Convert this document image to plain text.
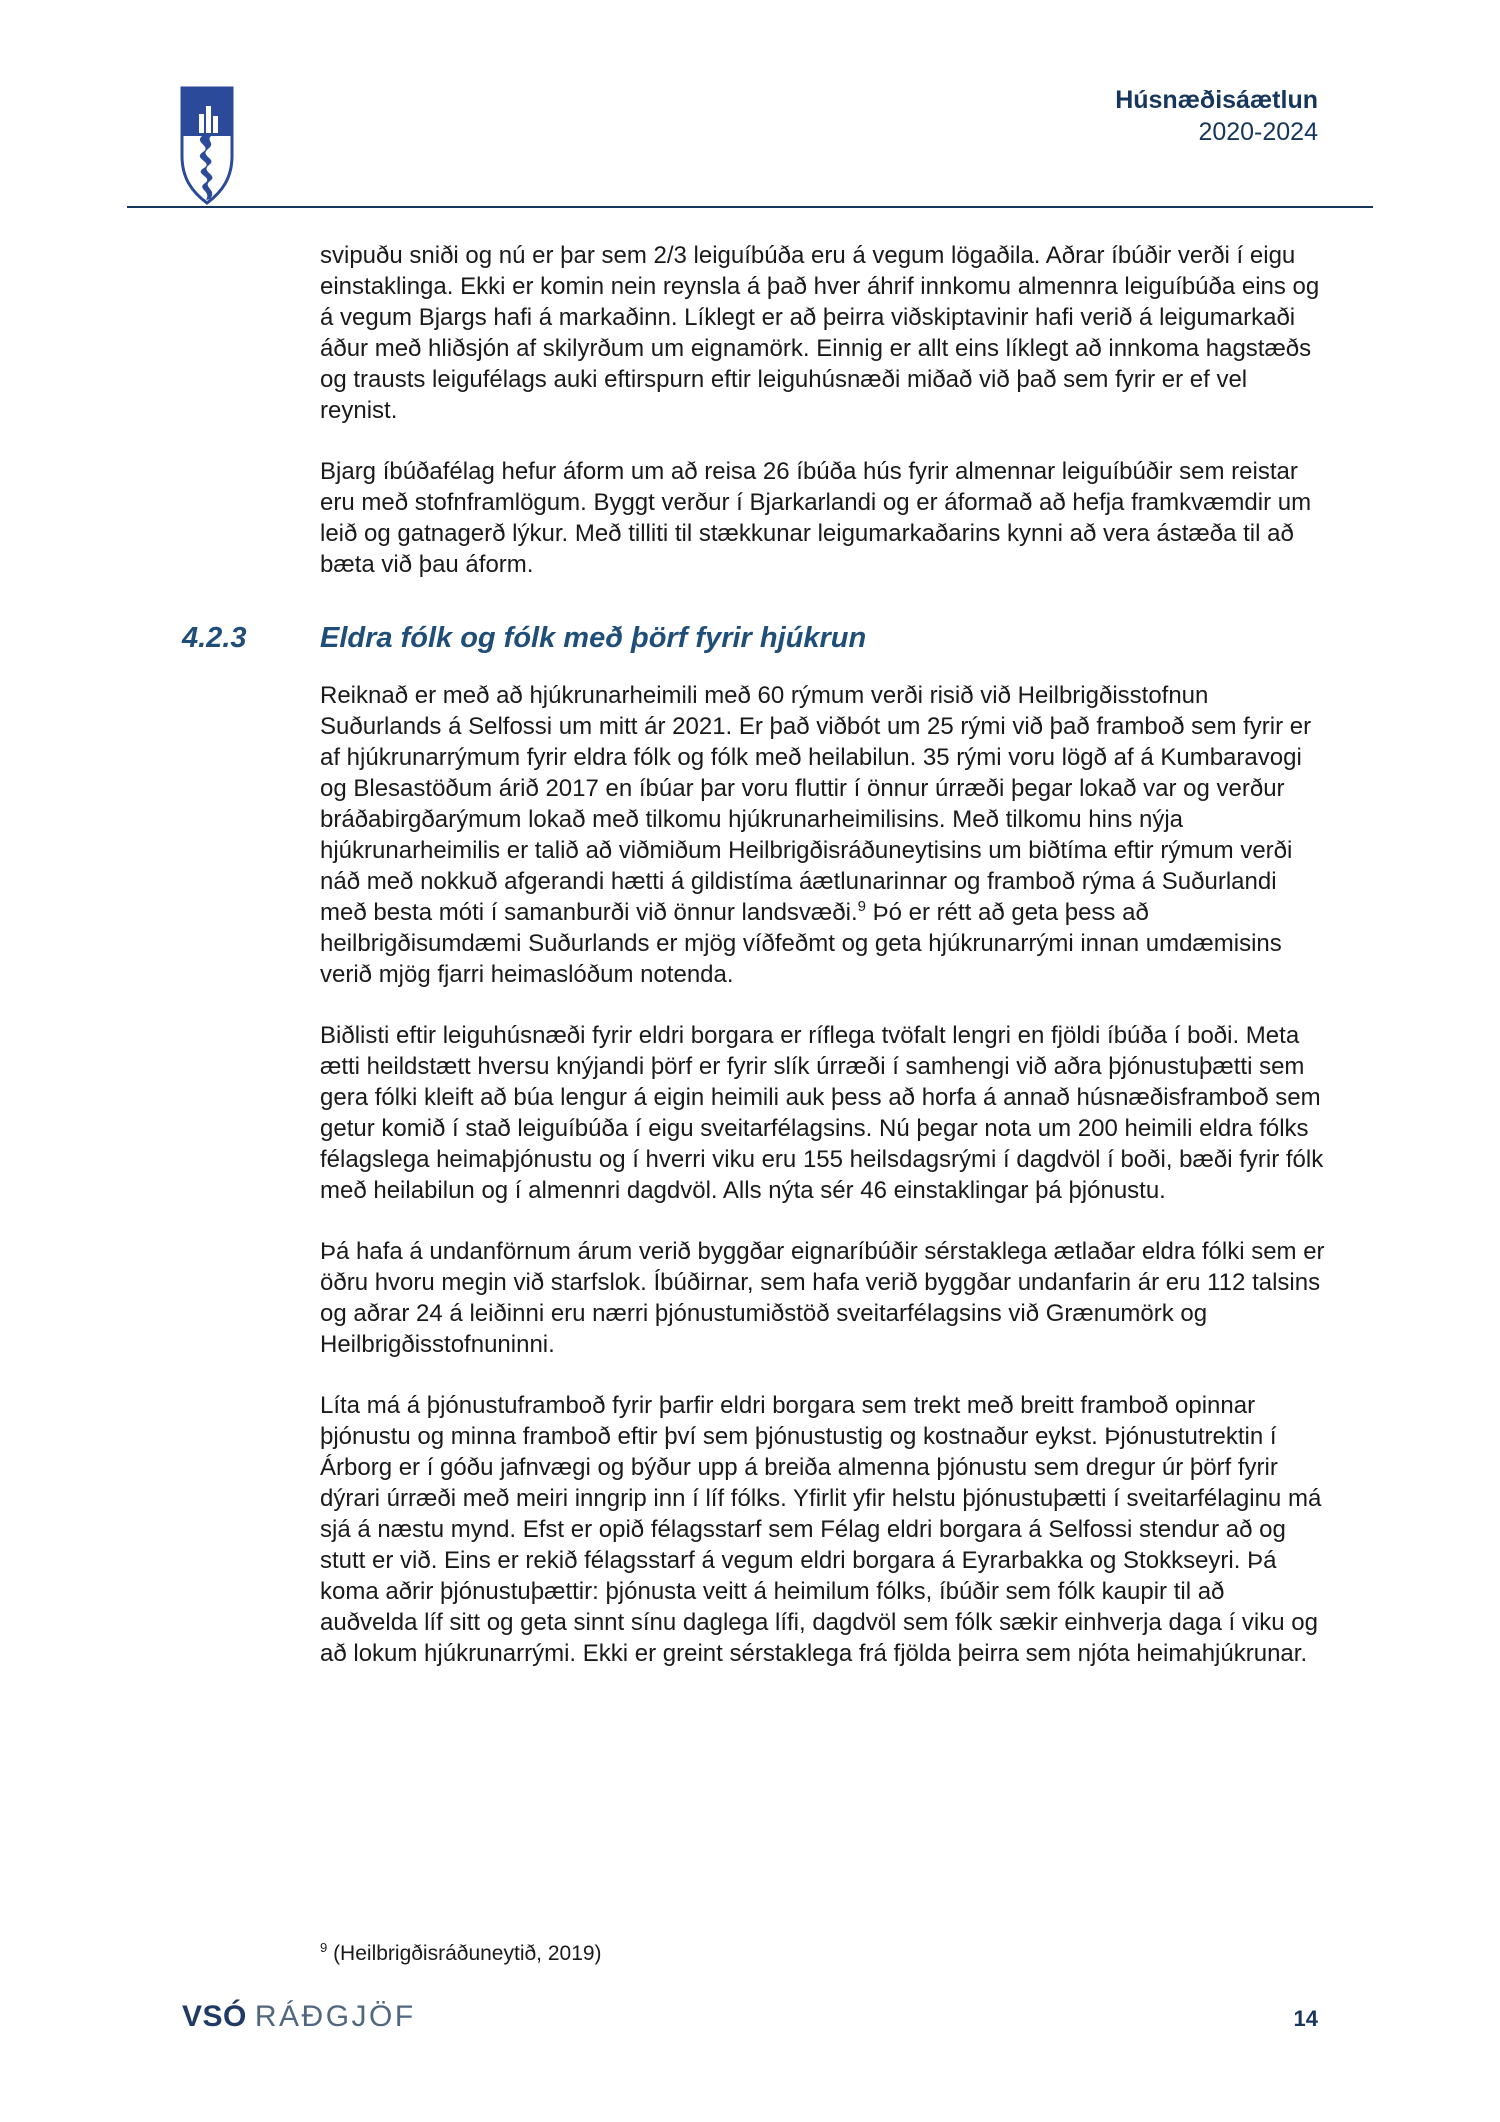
Húsnæðisáætlun
2020-2024

svipuðu sniði og nú er þar sem 2/3 leiguíbúða eru á vegum lögaðila. Aðrar íbúðir verði í eigu einstaklinga. Ekki er komin nein reynsla á það hver áhrif innkomu almennra leiguíbúða eins og á vegum Bjargs hafi á markaðinn. Líklegt er að þeirra viðskiptavinir hafi verið á leigumarkaði áður með hliðsjón af skilyrðum um eignamörk. Einnig er allt eins líklegt að innkoma hagstæðs og trausts leigufélags auki eftirspurn eftir leiguhúsnæði miðað við það sem fyrir er ef vel reynist.

Bjarg íbúðafélag hefur áform um að reisa 26 íbúða hús fyrir almennar leiguíbúðir sem reistar eru með stofnframlögum. Byggt verður í Bjarkarlandi og er áformað að hefja framkvæmdir um leið og gatnagerð lýkur. Með tilliti til stækkunar leigumarkaðarins kynni að vera ástæða til að bæta við þau áform.

4.2.3	Eldra fólk og fólk með þörf fyrir hjúkrun

Reiknað er með að hjúkrunarheimili með 60 rýmum verði risið við Heilbrigðisstofnun Suðurlands á Selfossi um mitt ár 2021. Er það viðbót um 25 rými við það framboð sem fyrir er af hjúkrunarrýmum fyrir eldra fólk og fólk með heilabilun. 35 rými voru lögð af á Kumbaravogi og Blesastöðum árið 2017 en íbúar þar voru fluttir í önnur úrræði þegar lokað var og verður bráðabirgðarýmum lokað með tilkomu hjúkrunarheimilisins. Með tilkomu hins nýja hjúkrunarheimilis er talið að viðmiðum Heilbrigðisráðuneytisins um biðtíma eftir rýmum verði náð með nokkuð afgerandi hætti á gildistíma áætlunarinnar og framboð rýma á Suðurlandi með besta móti í samanburði við önnur landsvæði.$^9$ Þó er rétt að geta þess að heilbrigðisumdæmi Suðurlands er mjög víðfeðmt og geta hjúkrunarrými innan umdæmisins verið mjög fjarri heimaslóðum notenda.

Biðlisti eftir leiguhúsnæði fyrir eldri borgara er ríflega tvöfalt lengri en fjöldi íbúða í boði. Meta ætti heildstætt hversu knýjandi þörf er fyrir slík úrræði í samhengi við aðra þjónustuþætti sem gera fólki kleift að búa lengur á eigin heimili auk þess að horfa á annað húsnæðisframboð sem getur komið í stað leiguíbúða í eigu sveitarfélagsins. Nú þegar nota um 200 heimili eldra fólks félagslega heimaþjónustu og í hverri viku eru 155 heilsdagsrými í dagdvöl í boði, bæði fyrir fólk með heilabilun og í almennri dagdvöl. Alls nýta sér 46 einstaklingar þá þjónustu.

Þá hafa á undanförnum árum verið byggðar eignaríbúðir sérstaklega ætlaðar eldra fólki sem er öðru hvoru megin við starfslok. Íbúðirnar, sem hafa verið byggðar undanfarin ár eru 112 talsins og aðrar 24 á leiðinni eru nærri þjónustumiðstöð sveitarfélagsins við Grænumörk og Heilbrigðisstofnuninni.

Líta má á þjónustuframboð fyrir þarfir eldri borgara sem trekt með breitt framboð opinnar þjónustu og minna framboð eftir því sem þjónustustig og kostnaður eykst. Þjónustutrektin í Árborg er í góðu jafnvægi og býður upp á breiða almenna þjónustu sem dregur úr þörf fyrir dýrari úrræði með meiri inngrip inn í líf fólks. Yfirlit yfir helstu þjónustuþætti í sveitarfélaginu má sjá á næstu mynd. Efst er opið félagsstarf sem Félag eldri borgara á Selfossi stendur að og stutt er við. Eins er rekið félagsstarf á vegum eldri borgara á Eyrarbakka og Stokkseyri. Þá koma aðrir þjónustuþættir: þjónusta veitt á heimilum fólks, íbúðir sem fólk kaupir til að auðvelda líf sitt og geta sinnt sínu daglega lífi, dagdvöl sem fólk sækir einhverja daga í viku og að lokum hjúkrunarrými. Ekki er greint sérstaklega frá fjölda þeirra sem njóta heimahjúkrunar.

$^9$ (Heilbrigðisráðuneytið, 2019)
VSÓ RÁÐGJÖF	14
